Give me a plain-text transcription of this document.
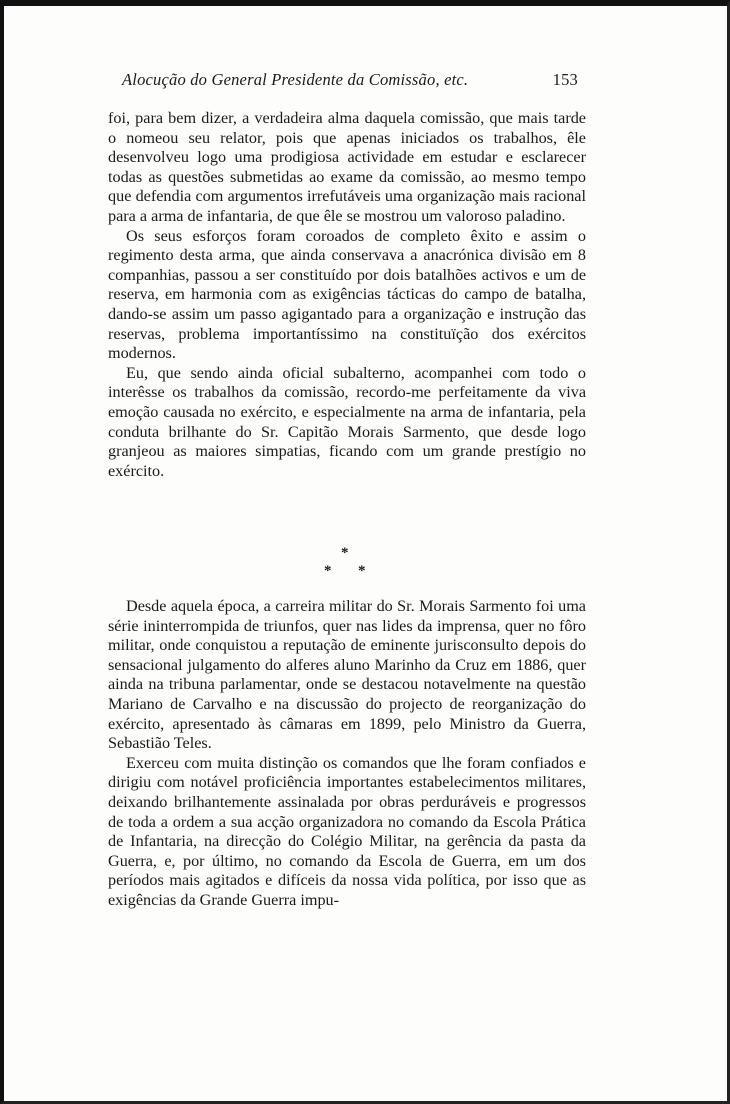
Alocução do General Presidente da Comissão, etc.	153

foi, para bem dizer, a verdadeira alma daquela comissão, que mais tarde o nomeou seu relator, pois que apenas iniciados os trabalhos, êle desenvolveu logo uma prodigiosa actividade em estudar e esclarecer todas as questões submetidas ao exame da comissão, ao mesmo tempo que defendia com argumentos irrefutáveis uma organização mais racional para a arma de infantaria, de que êle se mostrou um valoroso paladino.

Os seus esforços foram coroados de completo êxito e assim o regimento desta arma, que ainda conservava a anacrónica divisão em 8 companhias, passou a ser constituído por dois batalhões activos e um de reserva, em harmonia com as exigências tácticas do campo de batalha, dando-se assim um passo agigantado para a organização e instrução das reservas, problema importantíssimo na constituïção dos exércitos modernos.

Eu, que sendo ainda oficial subalterno, acompanhei com todo o interêsse os trabalhos da comissão, recordo-me perfeitamente da viva emoção causada no exército, e especialmente na arma de infantaria, pela conduta brilhante do Sr. Capitão Morais Sarmento, que desde logo granjeou as maiores simpatias, ficando com um grande prestígio no exército.

*
* *

Desde aquela época, a carreira militar do Sr. Morais Sarmento foi uma série ininterrompida de triunfos, quer nas lides da imprensa, quer no fôro militar, onde conquistou a reputação de eminente jurisconsulto depois do sensacional julgamento do alferes aluno Marinho da Cruz em 1886, quer ainda na tribuna parlamentar, onde se destacou notavelmente na questão Mariano de Carvalho e na discussão do projecto de reorganização do exército, apresentado às câmaras em 1899, pelo Ministro da Guerra, Sebastião Teles.

Exerceu com muita distinção os comandos que lhe foram confiados e dirigiu com notável proficiência importantes estabelecimentos militares, deixando brilhantemente assinalada por obras perduráveis e progressos de toda a ordem a sua acção organizadora no comando da Escola Prática de Infantaria, na direcção do Colégio Militar, na gerência da pasta da Guerra, e, por último, no comando da Escola de Guerra, em um dos períodos mais agitados e difíceis da nossa vida política, por isso que as exigências da Grande Guerra impu-
